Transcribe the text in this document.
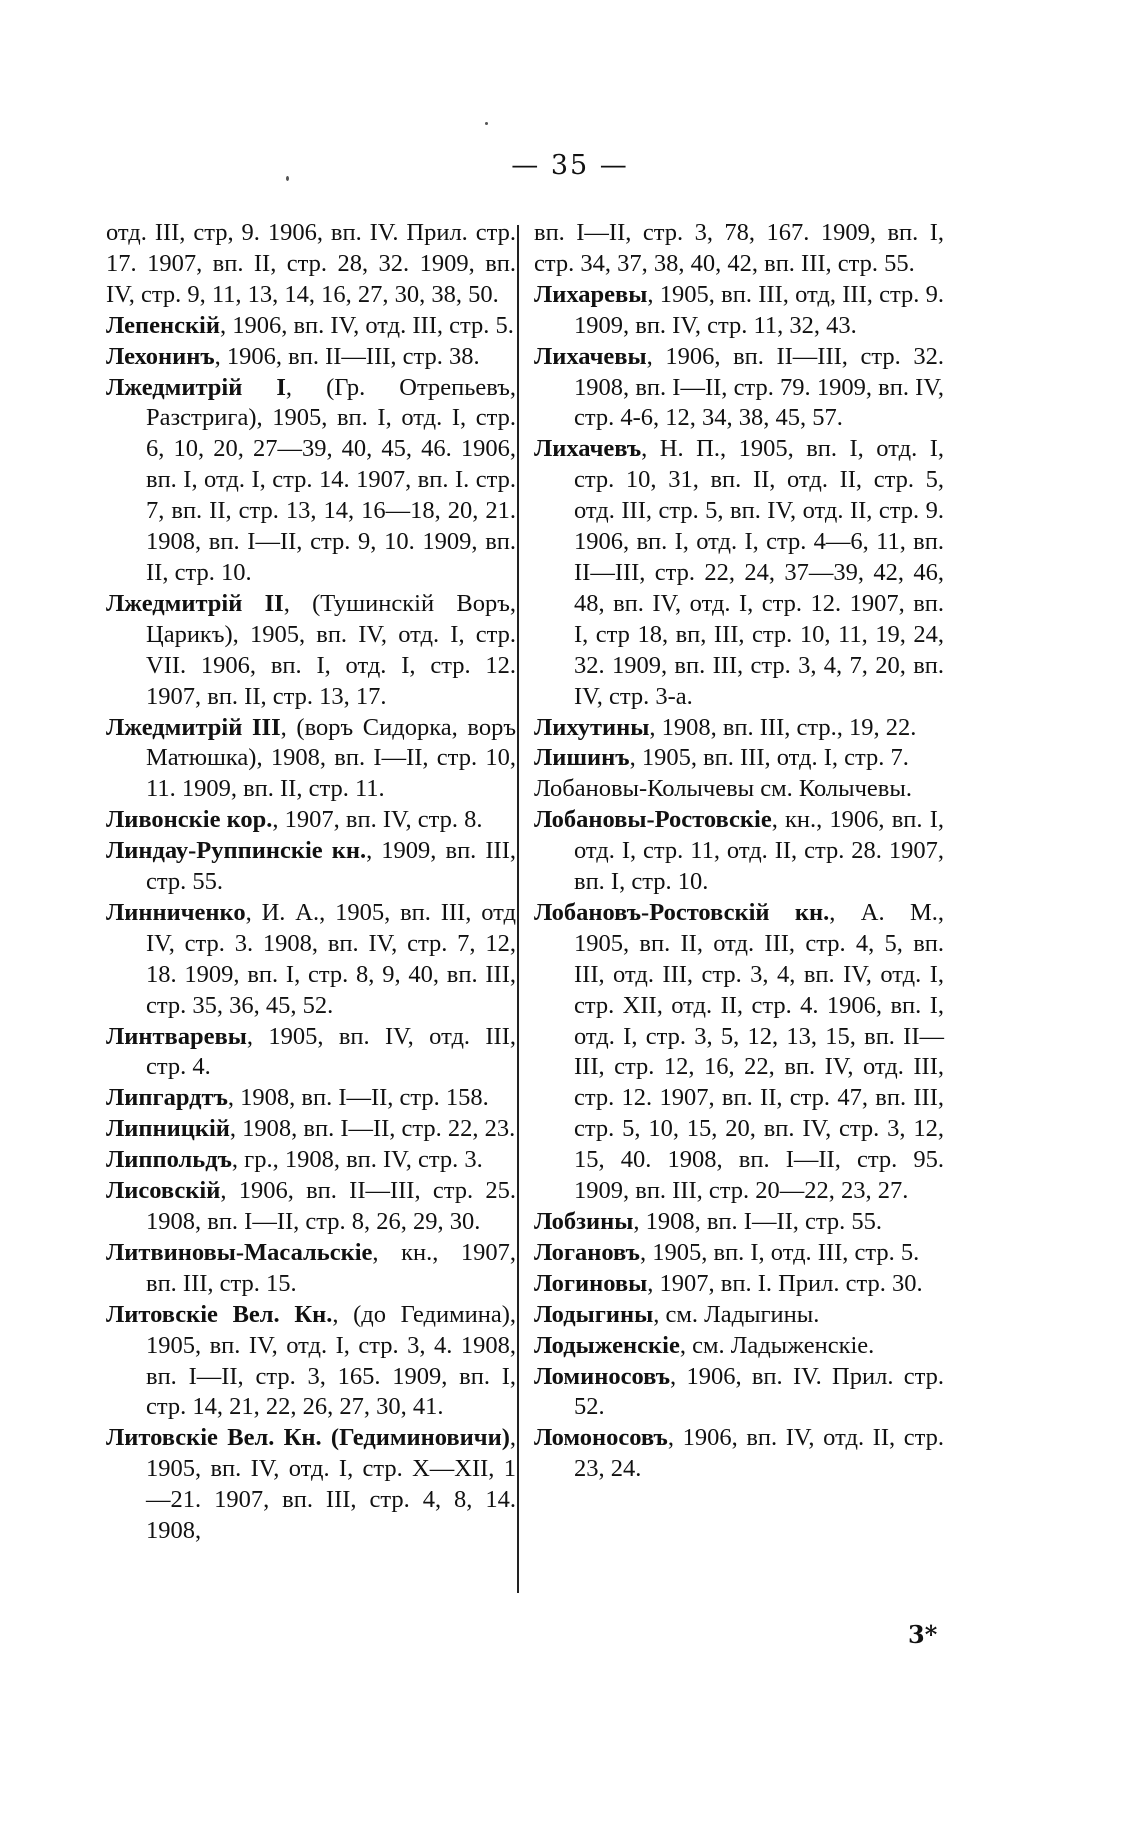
— 35 —
отд. III, стр, 9. 1906, вп. IV. Прил. стр. 17. 1907, вп. II, стр. 28, 32. 1909, вп. IV, стр. 9, 11, 13, 14, 16, 27, 30, 38, 50.
Лепенскій, 1906, вп. IV, отд. III, стр. 5.
Лехонинъ, 1906, вп. II—III, стр. 38.
Лжедмитрій I, (Гр. Отрепьевъ, Разстрига), 1905, вп. I, отд. I, стр. 6, 10, 20, 27—39, 40, 45, 46. 1906, вп. I, отд. I, стр. 14. 1907, вп. I. стр. 7, вп. II, стр. 13, 14, 16—18, 20, 21. 1908, вп. I—II, стр. 9, 10. 1909, вп. II, стр. 10.
Лжедмитрій II, (Тушинскій Воръ, Царикъ), 1905, вп. IV, отд. I, стр. VII. 1906, вп. I, отд. I, стр. 12. 1907, вп. II, стр. 13, 17.
Лжедмитрій III, (воръ Сидорка, воръ Матюшка), 1908, вп. I—II, стр. 10, 11. 1909, вп. II, стр. 11.
Ливонскіе кор., 1907, вп. IV, стр. 8.
Линдау-Руппинскіе кн., 1909, вп. III, стр. 55.
Линниченко, И. А., 1905, вп. III, отд IV, стр. 3. 1908, вп. IV, стр. 7, 12, 18. 1909, вп. I, стр. 8, 9, 40, вп. III, стр. 35, 36, 45, 52.
Линтваревы, 1905, вп. IV, отд. III, стр. 4.
Липгардтъ, 1908, вп. I—II, стр. 158.
Липницкій, 1908, вп. I—II, стр. 22, 23.
Липпольдъ, гр., 1908, вп. IV, стр. 3.
Лисовскій, 1906, вп. II—III, стр. 25. 1908, вп. I—II, стр. 8, 26, 29, 30.
Литвиновы-Масальскіе, кн., 1907, вп. III, стр. 15.
Литовскіе Вел. Кн., (до Гедимина), 1905, вп. IV, отд. I, стр. 3, 4. 1908, вп. I—II, стр. 3, 165. 1909, вп. I, стр. 14, 21, 22, 26, 27, 30, 41.
Литовскіе Вел. Кн. (Гедиминовичи), 1905, вп. IV, отд. I, стр. X—XII, 1—21. 1907, вп. III, стр. 4, 8, 14. 1908,
вп. I—II, стр. 3, 78, 167. 1909, вп. I, стр. 34, 37, 38, 40, 42, вп. III, стр. 55.
Лихаревы, 1905, вп. III, отд, III, стр. 9. 1909, вп. IV, стр. 11, 32, 43.
Лихачевы, 1906, вп. II—III, стр. 32. 1908, вп. I—II, стр. 79. 1909, вп. IV, стр. 4-6, 12, 34, 38, 45, 57.
Лихачевъ, Н. П., 1905, вп. I, отд. I, стр. 10, 31, вп. II, отд. II, стр. 5, отд. III, стр. 5, вп. IV, отд. II, стр. 9. 1906, вп. I, отд. I, стр. 4—6, 11, вп. II—III, стр. 22, 24, 37—39, 42, 46, 48, вп. IV, отд. I, стр. 12. 1907, вп. I, стр 18, вп, III, стр. 10, 11, 19, 24, 32. 1909, вп. III, стр. 3, 4, 7, 20, вп. IV, стр. 3-а.
Лихутины, 1908, вп. III, стр., 19, 22.
Лишинъ, 1905, вп. III, отд. I, стр. 7.
Лобановы-Колычевы см. Колычевы.
Лобановы-Ростовскіе, кн., 1906, вп. I, отд. I, стр. 11, отд. II, стр. 28. 1907, вп. I, стр. 10.
Лобановъ-Ростовскій кн., А. М., 1905, вп. II, отд. III, стр. 4, 5, вп. III, отд. III, стр. 3, 4, вп. IV, отд. I, стр. XII, отд. II, стр. 4. 1906, вп. I, отд. I, стр. 3, 5, 12, 13, 15, вп. II—III, стр. 12, 16, 22, вп. IV, отд. III, стр. 12. 1907, вп. II, стр. 47, вп. III, стр. 5, 10, 15, 20, вп. IV, стр. 3, 12, 15, 40. 1908, вп. I—II, стр. 95. 1909, вп. III, стр. 20—22, 23, 27.
Лобзины, 1908, вп. I—II, стр. 55.
Логановъ, 1905, вп. I, отд. III, стр. 5.
Логиновы, 1907, вп. I. Прил. стр. 30.
Лодыгины, см. Ладыгины.
Лодыженскіе, см. Ладыженскіе.
Ломиносовъ, 1906, вп. IV. Прил. стр. 52.
Ломоносовъ, 1906, вп. IV, отд. II, стр. 23, 24.
3*
